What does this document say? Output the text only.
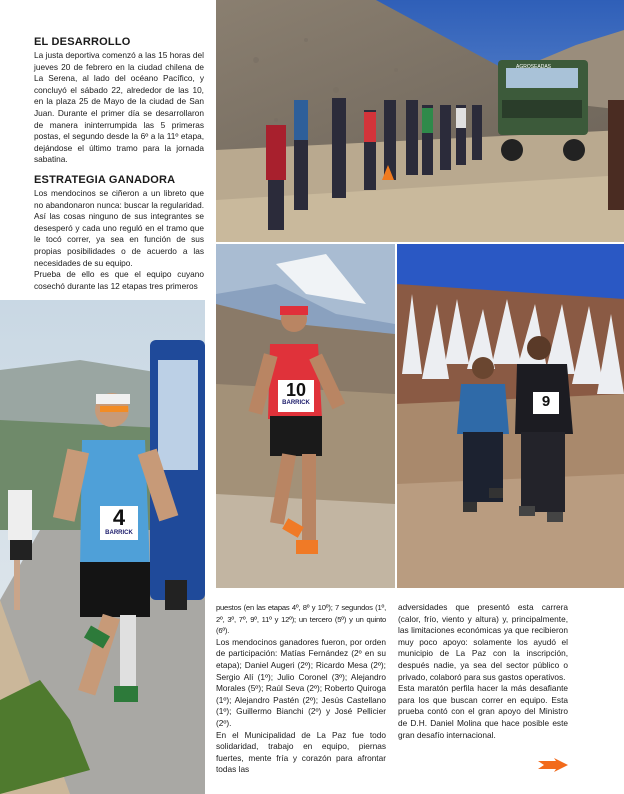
EL DESARROLLO

La justa deportiva comenzó a las 15 horas del jueves 20 de febrero en la ciudad chilena de La Serena, al lado del océano Pacífico, y concluyó el sábado 22, alrededor de las 10, en la plaza 25 de Mayo de la ciudad de San Juan. Durante el primer día se desarrollaron de manera ininterrumpida las 5 primeras postas, el segundo desde la 6º a la 11º etapa, dejándose el último tramo para la jornada sabatina.

ESTRATEGIA GANADORA

Los mendocinos se ciñeron a un libreto que no abandonaron nunca: buscar la regularidad. Así las cosas ninguno de sus integrantes se desesperó y cada uno reguló en el tramo que le tocó correr, ya sea en función de sus propias posibilidades o de acuerdo a las necesidades de su equipo.

Prueba de ello es que el equipo cuyano cosechó durante las 12 etapas tres primeros

AGROSEADAS
4
BARRICK
10
BARRICK	9

puestos (en las etapas 4º, 8º y 10º); 7 segundos (1º, 2º, 3º, 7º, 9º, 11º y 12º); un tercero (5º) y un quinto (6º).

Los mendocinos ganadores fueron, por orden de participación: Matías Fernández (2º en su etapa); Daniel Augeri (2º); Ricardo Mesa (2º); Sergio Alí (1º); Julio Coronel (3º); Alejandro Morales (5º); Raúl Seva (2º); Roberto Quiroga (1º); Alejandro Pastén (2º); Jesús Castellano (1º); Guillermo Bianchi (2º) y José Pellicier (2º).

En el Municipalidad de La Paz fue todo solidaridad, trabajo en equipo, piernas fuertes, mente fría y corazón para afrontar todas las

adversidades que presentó esta carrera (calor, frío, viento y altura) y, principalmente, las limitaciones económicas ya que recibieron muy poco apoyo: solamente los ayudó el municipio de La Paz con la inscripción, después nadie, ya sea del sector público o privado, colaboró para sus gastos operativos.

Esta maratón perfila hacer la más desafiante para los que buscan correr en equipo. Esta prueba contó con el gran apoyo del Ministro de D.H. Daniel Molina que hace posible este gran desafío internacional.
